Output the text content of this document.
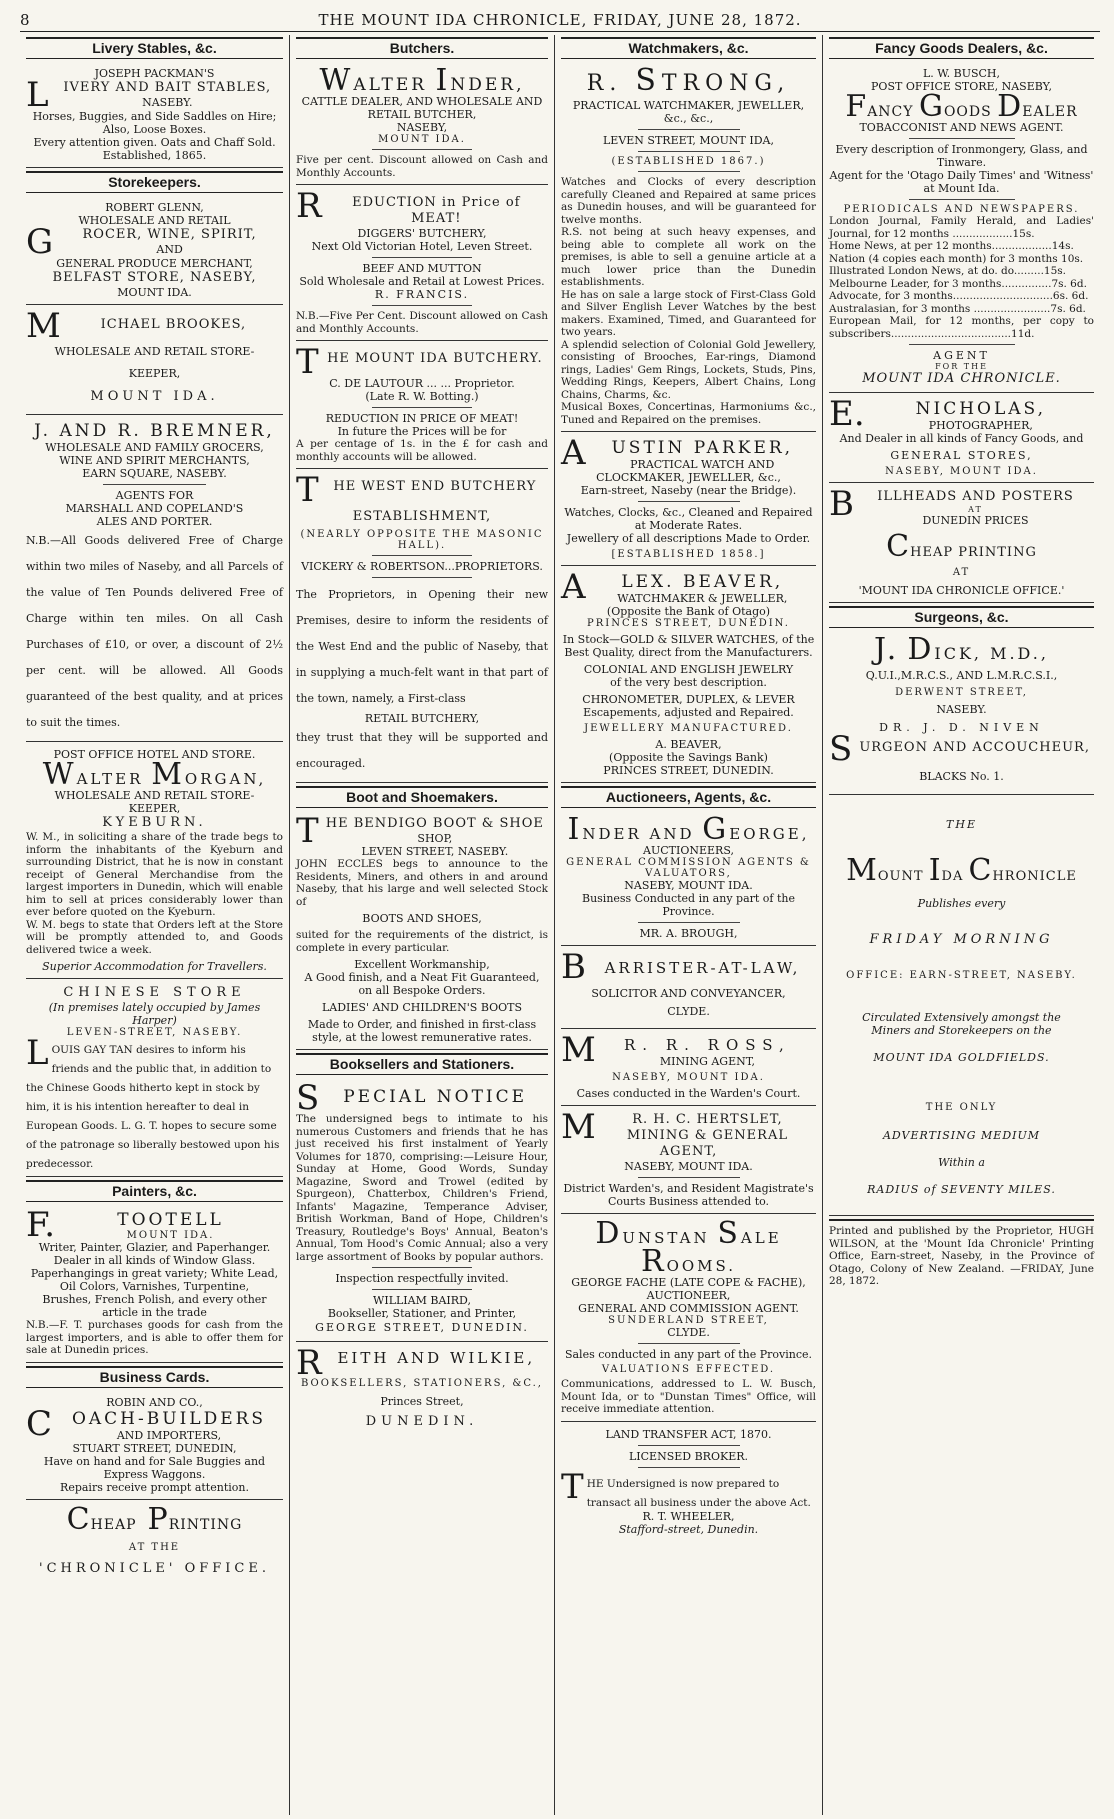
8	THE MOUNT IDA CHRONICLE, FRIDAY, JUNE 28, 1872.
Livery Stables, &c.
JOSEPH PACKMAN'S
L	IVERY AND BAIT STABLES,
NASEBY.
Horses, Buggies, and Side Saddles on Hire; Also, Loose Boxes.
Every attention given. Oats and Chaff Sold.
Established, 1865.
Storekeepers.
ROBERT GLENN,
WHOLESALE AND RETAIL
G	ROCER, WINE, SPIRIT,
AND
GENERAL PRODUCE MERCHANT,
BELFAST STORE, NASEBY,
MOUNT IDA.
M	ICHAEL BROOKES,
WHOLESALE AND RETAIL STORE-
KEEPER,
MOUNT IDA.
J. AND R. BREMNER,
WHOLESALE AND FAMILY GROCERS,
WINE AND SPIRIT MERCHANTS,
EARN SQUARE, NASEBY.
AGENTS FOR
MARSHALL AND COPELAND'S
ALES AND PORTER.
N.B.—All Goods delivered Free of Charge within two miles of Naseby, and all Parcels of the value of Ten Pounds delivered Free of Charge within ten miles. On all Cash Purchases of £10, or over, a discount of 2½ per cent. will be allowed. All Goods guaranteed of the best quality, and at prices to suit the times.
POST OFFICE HOTEL AND STORE.
WALTER MORGAN,
WHOLESALE AND RETAIL STORE-
KEEPER,
KYEBURN.
W. M., in soliciting a share of the trade begs to inform the inhabitants of the Kyeburn and surrounding District, that he is now in constant receipt of General Merchandise from the largest importers in Dunedin, which will enable him to sell at prices considerably lower than ever before quoted on the Kyeburn.
W. M. begs to state that Orders left at the Store will be promptly attended to, and Goods delivered twice a week.
Superior Accommodation for Travellers.
CHINESE STORE
(In premises lately occupied by James Harper)
LEVEN-STREET, NASEBY.
L OUIS GAY TAN desires to inform his friends and the public that, in addition to the Chinese Goods hitherto kept in stock by him, it is his intention hereafter to deal in European Goods. L. G. T. hopes to secure some of the patronage so liberally bestowed upon his predecessor.
Painters, &c.
F.	TOOTELL
MOUNT IDA.
Writer, Painter, Glazier, and Paperhanger.
Dealer in all kinds of Window Glass.
Paperhangings in great variety; White Lead, Oil Colors, Varnishes, Turpentine,
Brushes, French Polish, and every other article in the trade
N.B.—F. T. purchases goods for cash from the largest importers, and is able to offer them for sale at Dunedin prices.
Business Cards.
ROBIN AND CO.,
C	OACH-BUILDERS
AND IMPORTERS,
STUART STREET, DUNEDIN,
Have on hand and for Sale Buggies and Express Waggons.
Repairs receive prompt attention.
CHEAP PRINTING
AT THE
'CHRONICLE' OFFICE.
Butchers.
WALTER INDER,
CATTLE DEALER, AND WHOLESALE AND RETAIL BUTCHER,
NASEBY,
MOUNT IDA.
Five per cent. Discount allowed on Cash and Monthly Accounts.
R	EDUCTION in Price of MEAT!
DIGGERS' BUTCHERY,
Next Old Victorian Hotel, Leven Street.
BEEF AND MUTTON
Sold Wholesale and Retail at Lowest Prices.
R. FRANCIS.
N.B.—Five Per Cent. Discount allowed on Cash and Monthly Accounts.
T HE MOUNT IDA BUTCHERY.
C. DE LAUTOUR ... ... Proprietor.
(Late R. W. Botting.)
REDUCTION IN PRICE OF MEAT!
In future the Prices will be for
A per centage of 1s. in the £ for cash and monthly accounts will be allowed.
T	HE WEST END BUTCHERY
ESTABLISHMENT,
(NEARLY OPPOSITE THE MASONIC HALL).
VICKERY & ROBERTSON...PROPRIETORS.
The Proprietors, in Opening their new Premises, desire to inform the residents of the West End and the public of Naseby, that in supplying a much-felt want in that part of the town, namely, a First-class
RETAIL BUTCHERY,
they trust that they will be supported and encouraged.
Boot and Shoemakers.
T HE BENDIGO BOOT & SHOE
SHOP,
LEVEN STREET, NASEBY.
JOHN ECCLES begs to announce to the Residents, Miners, and others in and around Naseby, that his large and well selected Stock of
BOOTS AND SHOES,
suited for the requirements of the district, is complete in every particular.
Excellent Workmanship,
A Good finish, and a Neat Fit Guaranteed, on all Bespoke Orders.
LADIES' AND CHILDREN'S BOOTS
Made to Order, and finished in first-class style, at the lowest remunerative rates.
Booksellers and Stationers.
S	PECIAL NOTICE
The undersigned begs to intimate to his numerous Customers and friends that he has just received his first instalment of Yearly Volumes for 1870, comprising:—Leisure Hour, Sunday at Home, Good Words, Sunday Magazine, Sword and Trowel (edited by Spurgeon), Chatterbox, Children's Friend, Infants' Magazine, Temperance Adviser, British Workman, Band of Hope, Children's Treasury, Routledge's Boys' Annual, Beaton's Annual, Tom Hood's Comic Annual; also a very large assortment of Books by popular authors.
Inspection respectfully invited.
WILLIAM BAIRD,
Bookseller, Stationer, and Printer,
GEORGE STREET, DUNEDIN.
R	EITH AND WILKIE,
BOOKSELLERS, STATIONERS, &C.,
Princes Street,
DUNEDIN.
Watchmakers, &c.
R. STRONG,
PRACTICAL WATCHMAKER, JEWELLER, &c., &c.,
LEVEN STREET, MOUNT IDA,
(ESTABLISHED 1867.)
Watches and Clocks of every description carefully Cleaned and Repaired at same prices as Dunedin houses, and will be guaranteed for twelve months.
R.S. not being at such heavy expenses, and being able to complete all work on the premises, is able to sell a genuine article at a much lower price than the Dunedin establishments.
He has on sale a large stock of First-Class Gold and Silver English Lever Watches by the best makers. Examined, Timed, and Guaranteed for two years.
A splendid selection of Colonial Gold Jewellery, consisting of Brooches, Ear-rings, Diamond rings, Ladies' Gem Rings, Lockets, Studs, Pins, Wedding Rings, Keepers, Albert Chains, Long Chains, Charms, &c.
Musical Boxes, Concertinas, Harmoniums &c., Tuned and Repaired on the premises.
A	USTIN PARKER,
PRACTICAL WATCH AND CLOCKMAKER, JEWELLER, &c.,
Earn-street, Naseby (near the Bridge).
Watches, Clocks, &c., Cleaned and Repaired at Moderate Rates.
Jewellery of all descriptions Made to Order.
[ESTABLISHED 1858.]
A	LEX. BEAVER,
WATCHMAKER & JEWELLER,
(Opposite the Bank of Otago)
PRINCES STREET, DUNEDIN.
In Stock—GOLD & SILVER WATCHES, of the Best Quality, direct from the Manufacturers.
COLONIAL AND ENGLISH JEWELRY
of the very best description.
CHRONOMETER, DUPLEX, & LEVER
Escapements, adjusted and Repaired.
JEWELLERY MANUFACTURED.
A. BEAVER,
(Opposite the Savings Bank)
PRINCES STREET, DUNEDIN.
Auctioneers, Agents, &c.
INDER AND GEORGE,
AUCTIONEERS,
GENERAL COMMISSION AGENTS & VALUATORS,
NASEBY, MOUNT IDA.
Business Conducted in any part of the Province.
MR. A. BROUGH,
B	ARRISTER-AT-LAW,
SOLICITOR AND CONVEYANCER,
CLYDE.
M	R. R. ROSS,
MINING AGENT,
NASEBY, MOUNT IDA.
Cases conducted in the Warden's Court.
M	R. H. C. HERTSLET,
MINING & GENERAL AGENT,
NASEBY, MOUNT IDA.
District Warden's, and Resident Magistrate's Courts Business attended to.
DUNSTAN SALE ROOMS.
GEORGE FACHE (LATE COPE & FACHE),
AUCTIONEER,
GENERAL AND COMMISSION AGENT.
SUNDERLAND STREET,
CLYDE.
Sales conducted in any part of the Province.
VALUATIONS EFFECTED.
Communications, addressed to L. W. Busch, Mount Ida, or to "Dunstan Times" Office, will receive immediate attention.
LAND TRANSFER ACT, 1870.
LICENSED BROKER.
T HE Undersigned is now prepared to transact all business under the above Act.
R. T. WHEELER,
Stafford-street, Dunedin.
Fancy Goods Dealers, &c.
L. W. BUSCH,
POST OFFICE STORE, NASEBY,
FANCY GOODS DEALER
TOBACCONIST AND NEWS AGENT.
Every description of Ironmongery, Glass, and Tinware.
Agent for the 'Otago Daily Times' and 'Witness' at Mount Ida.
PERIODICALS AND NEWSPAPERS.
London Journal, Family Herald, and Ladies' Journal, for 12 months ..................15s.
Home News, at per 12 months..................14s.
Nation (4 copies each month) for 3 months 10s.
Illustrated London News, at do. do.........15s.
Melbourne Leader, for 3 months...............7s. 6d.
Advocate, for 3 months..............................6s. 6d.
Australasian, for 3 months .......................7s. 6d.
European Mail, for 12 months, per copy to subscribers....................................11d.
AGENT
FOR THE
MOUNT IDA CHRONICLE.
E.	NICHOLAS,
PHOTOGRAPHER,
And Dealer in all kinds of Fancy Goods, and
GENERAL STORES,
NASEBY, MOUNT IDA.
B	ILLHEADS AND POSTERS
AT
DUNEDIN PRICES
CHEAP PRINTING
AT
'MOUNT IDA CHRONICLE OFFICE.'
Surgeons, &c.
J. DICK, M.D.,
Q.U.I.,M.R.C.S., AND L.M.R.C.S.I.,
DERWENT STREET,
NASEBY.
DR. J. D. NIVEN
S URGEON AND ACCOUCHEUR,
BLACKS No. 1.
THE
MOUNT IDA CHRONICLE
Publishes every
FRIDAY MORNING
OFFICE: EARN-STREET, NASEBY.
Circulated Extensively amongst the
Miners and Storekeepers on the
MOUNT IDA GOLDFIELDS.
THE ONLY
ADVERTISING MEDIUM
Within a
RADIUS of SEVENTY MILES.
Printed and published by the Proprietor, HUGH WILSON, at the 'Mount Ida Chronicle' Printing Office, Earn-street, Naseby, in the Province of Otago, Colony of New Zealand. —FRIDAY, June 28, 1872.
